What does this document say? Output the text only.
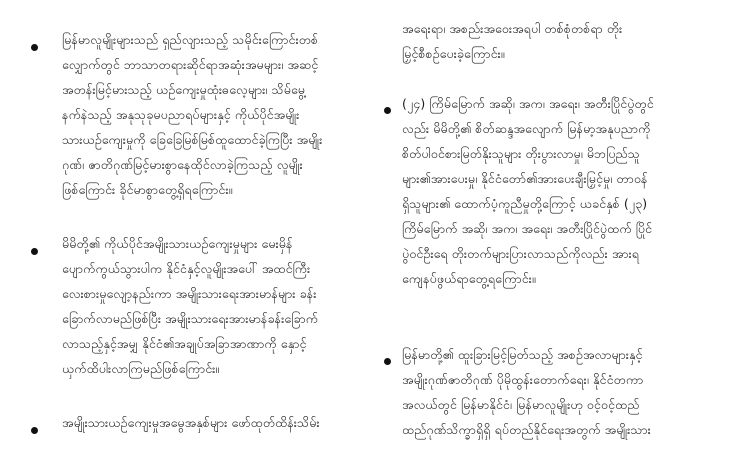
မြန်မာလူမျိုးများသည် ရှည်လျားသည့် သမိုင်းကြောင်းတစ်
လျှောက်တွင် ဘာသာတရားဆိုင်ရာအဆုံးအမများ၊ အဆင့်
အတန်းမြင့်မားသည့် ယဉ်ကျေးမှုထုံးဓလေ့များ၊ သိမ်မွေ့
နက်နဲသည့် အနုသုခုမပညာရပ်များနှင့် ကိုယ်ပိုင်အမျိုး
သားယဉ်ကျေးမှုကို ခြေခြေမြစ်မြစ်ထူထောင်ခဲ့ကြပြီး အမျိုး
ဂုဏ်၊ ဇာတိဂုဏ်မြင့်မားစွာနေထိုင်လာခဲ့ကြသည့် လူမျိုး
ဖြစ်ကြောင်း ခိုင်မာစွာတွေ့ရှိရကြောင်း။
မိမိတို့၏ ကိုယ်ပိုင်အမျိုးသားယဉ်ကျေးမှုများ မေးမှိန်
ပျောက်ကွယ်သွားပါက နိုင်ငံနှင့်လူမျိုးအပေါ် အထင်ကြီး
လေးစားမှုလျော့နည်းကာ အမျိုးသားရေးအားမာန်များ ခန်း
ခြောက်လာမည်ဖြစ်ပြီး အမျိုးသားရေးအားမာန်ခန်းခြောက်
လာသည့်နှင့်အမျှ နိုင်ငံ၏အချုပ်အခြာအာဏာကို နှောင့်
ယှက်ထိပါးလာကြမည်ဖြစ်ကြောင်း။
အမျိုးသားယဉ်ကျေးမှုအမွေအနှစ်များ ဖော်ထုတ်ထိန်းသိမ်း
အရေးရာ၊ အစည်းအဝေးအရပါ တစ်စုံတစ်ရာ တိုး
မြှင့်စီစဉ်ပေးခဲ့ကြောင်း။
(၂၄) ကြိမ်မြောက် အဆို၊ အက၊ အရေး၊ အတီးပြိုင်ပွဲတွင်
လည်း မိမိတို့၏ စိတ်ဆန္ဒအလျောက် မြန်မာ့အနုပညာကို
စိတ်ပါဝင်စားမြတ်နိုးသူများ တိုးပွားလာမှု၊ မိဘပြည်သူ
များ၏အားပေးမှု၊ နိုင်ငံတော်၏အားပေးချီးမြှင့်မှု၊ တာဝန်
ရှိသူများ၏ ထောက်ပံ့ကူညီမှုတို့ကြောင့် ယခင်နှစ် (၂၃)
ကြိမ်မြောက် အဆို၊ အက၊ အရေး၊ အတီးပြိုင်ပွဲထက် ပြိုင်
ပွဲဝင်ဦးရေ တိုးတက်များပြားလာသည်ကိုလည်း အားရ
ကျေနပ်ဖွယ်ရာတွေ့ရကြောင်း။
မြန်မာတို့၏ ထူးခြားမြင့်မြတ်သည့် အစဉ်အလာများနှင့်
အမျိုးဂုဏ်ဇာတိဂုဏ် ပိုမိုထွန်းတောက်ရေး၊ နိုင်ငံတကာ
အလယ်တွင် မြန်မာနိုင်ငံ၊ မြန်မာလူမျိုးဟု ဝင့်ဝင့်ထည်
ထည်ဂုဏ်သိက္ခာရှိရှိ ရပ်တည်နိုင်ရေးအတွက် အမျိုးသား
